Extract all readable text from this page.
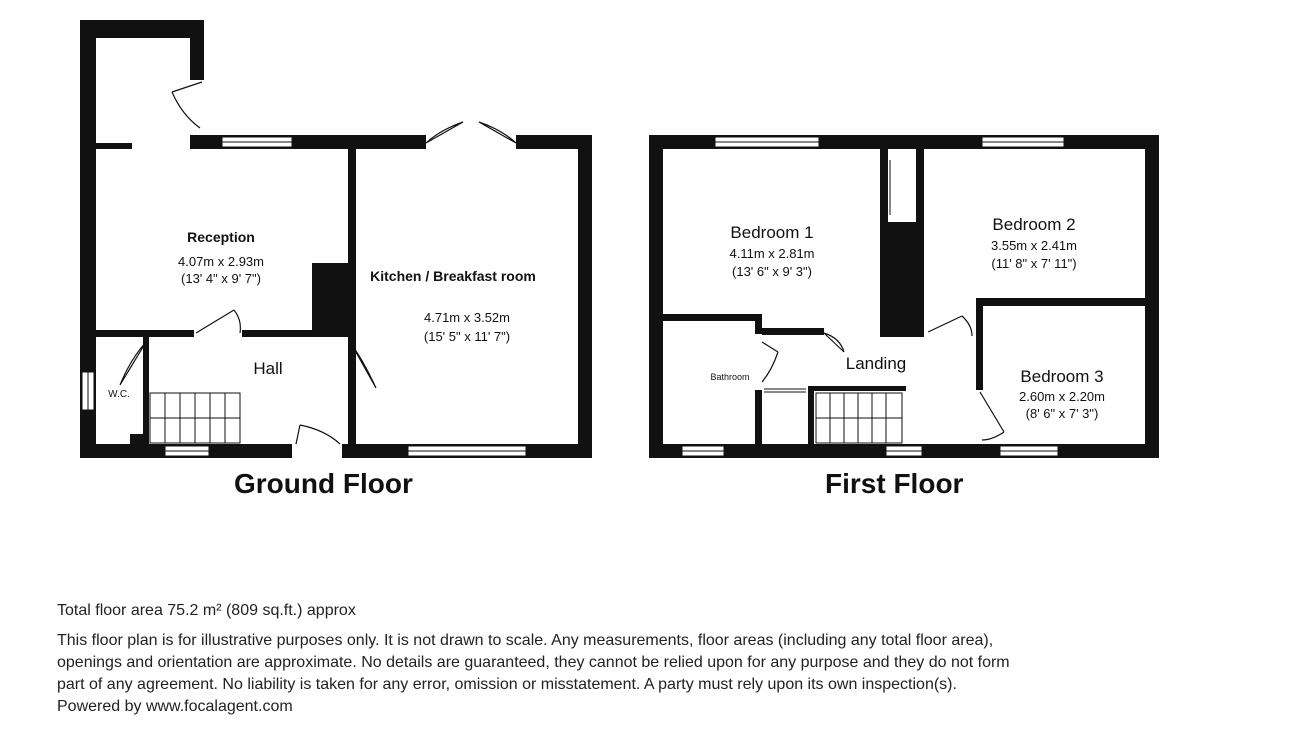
Reception
4.07m x 2.93m
(13' 4" x 9' 7")	Kitchen / Breakfast room
4.71m x 3.52m
(15' 5" x 11' 7")
Hall
W.C.
Bedroom 1
4.11m x 2.81m
(13' 6" x 9' 3")
Bedroom 2
3.55m x 2.41m
(11' 8" x 7' 11")
Bedroom 3
2.60m x 2.20m
(8' 6" x 7' 3")
Landing
Bathroom
Ground Floor	First Floor

Total floor area 75.2 m² (809 sq.ft.) approx

This floor plan is for illustrative purposes only. It is not drawn to scale. Any measurements, floor areas (including any total floor area),

openings and orientation are approximate. No details are guaranteed, they cannot be relied upon for any purpose and they do not form

part of any agreement. No liability is taken for any error, omission or misstatement. A party must rely upon its own inspection(s).

Powered by www.focalagent.com
